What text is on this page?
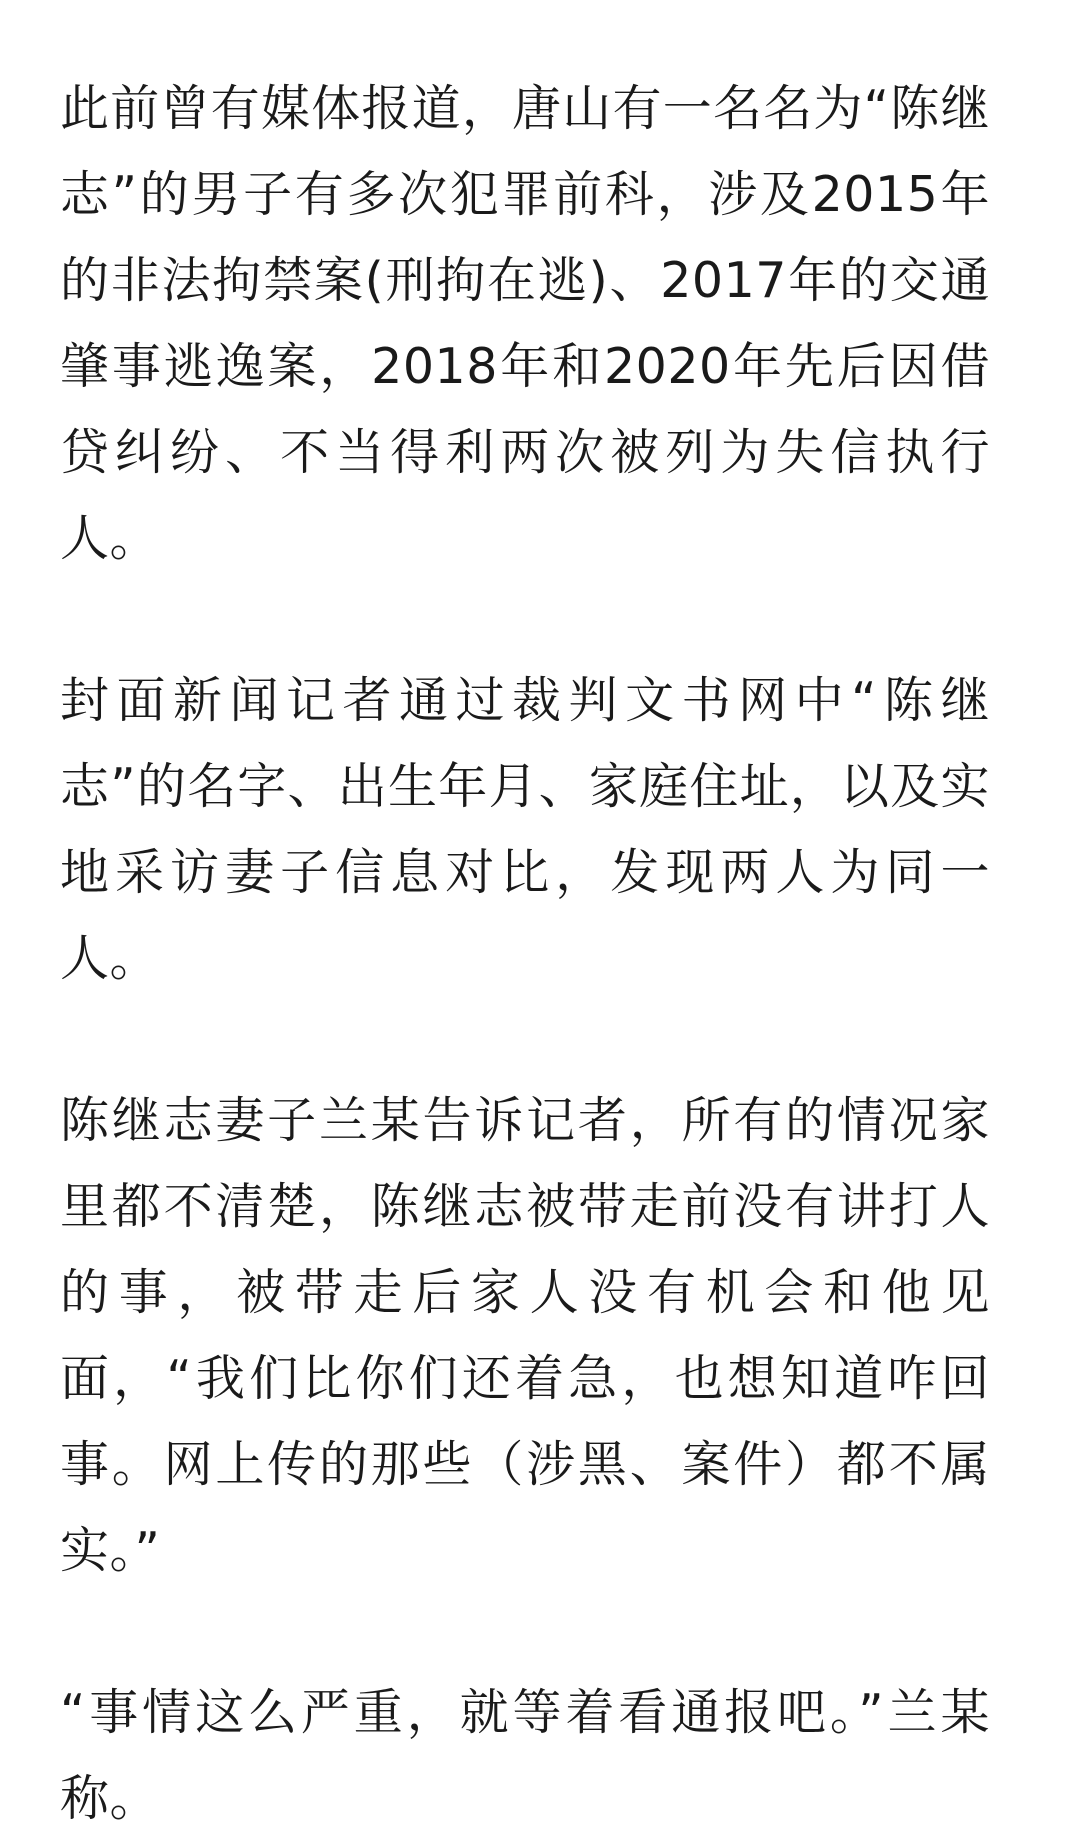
此前曾有媒体报道，唐山有一名名为“陈继志”的男子有多次犯罪前科，涉及2015年的非法拘禁案(刑拘在逃)、2017年的交通肇事逃逸案，2018年和2020年先后因借贷纠纷、不当得利两次被列为失信执行人。

封面新闻记者通过裁判文书网中“陈继志”的名字、出生年月、家庭住址，以及实地采访妻子信息对比，发现两人为同一人。

陈继志妻子兰某告诉记者，所有的情况家里都不清楚，陈继志被带走前没有讲打人的事，被带走后家人没有机会和他见面，“我们比你们还着急，也想知道咋回事。网上传的那些（涉黑、案件）都不属实。”

“事情这么严重，就等着看通报吧。”兰某称。
